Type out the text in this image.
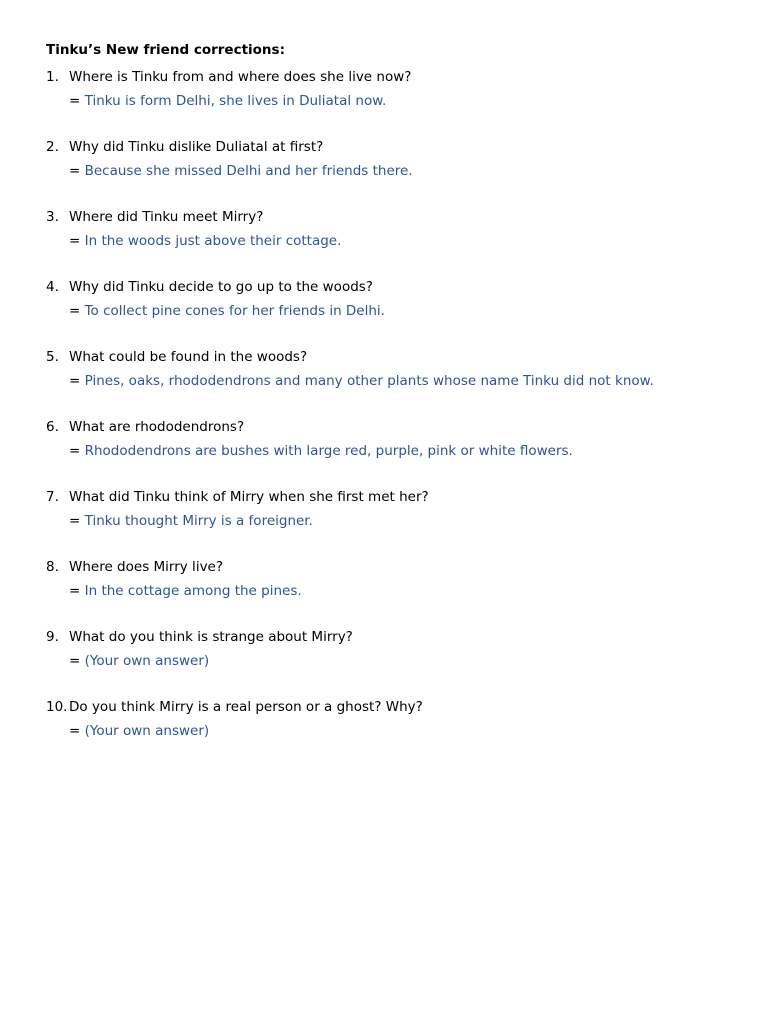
Tinku’s New friend corrections:
1. Where is Tinku from and where does she live now?
= Tinku is form Delhi, she lives in Duliatal now.
2. Why did Tinku dislike Duliatal at first?
= Because she missed Delhi and her friends there.
3. Where did Tinku meet Mirry?
= In the woods just above their cottage.
4. Why did Tinku decide to go up to the woods?
= To collect pine cones for her friends in Delhi.
5. What could be found in the woods?
= Pines, oaks, rhododendrons and many other plants whose name Tinku did not know.
6. What are rhododendrons?
= Rhododendrons are bushes with large red, purple, pink or white flowers.
7. What did Tinku think of Mirry when she first met her?
= Tinku thought Mirry is a foreigner.
8. Where does Mirry live?
= In the cottage among the pines.
9. What do you think is strange about Mirry?
= (Your own answer)
10. Do you think Mirry is a real person or a ghost? Why?
= (Your own answer)
